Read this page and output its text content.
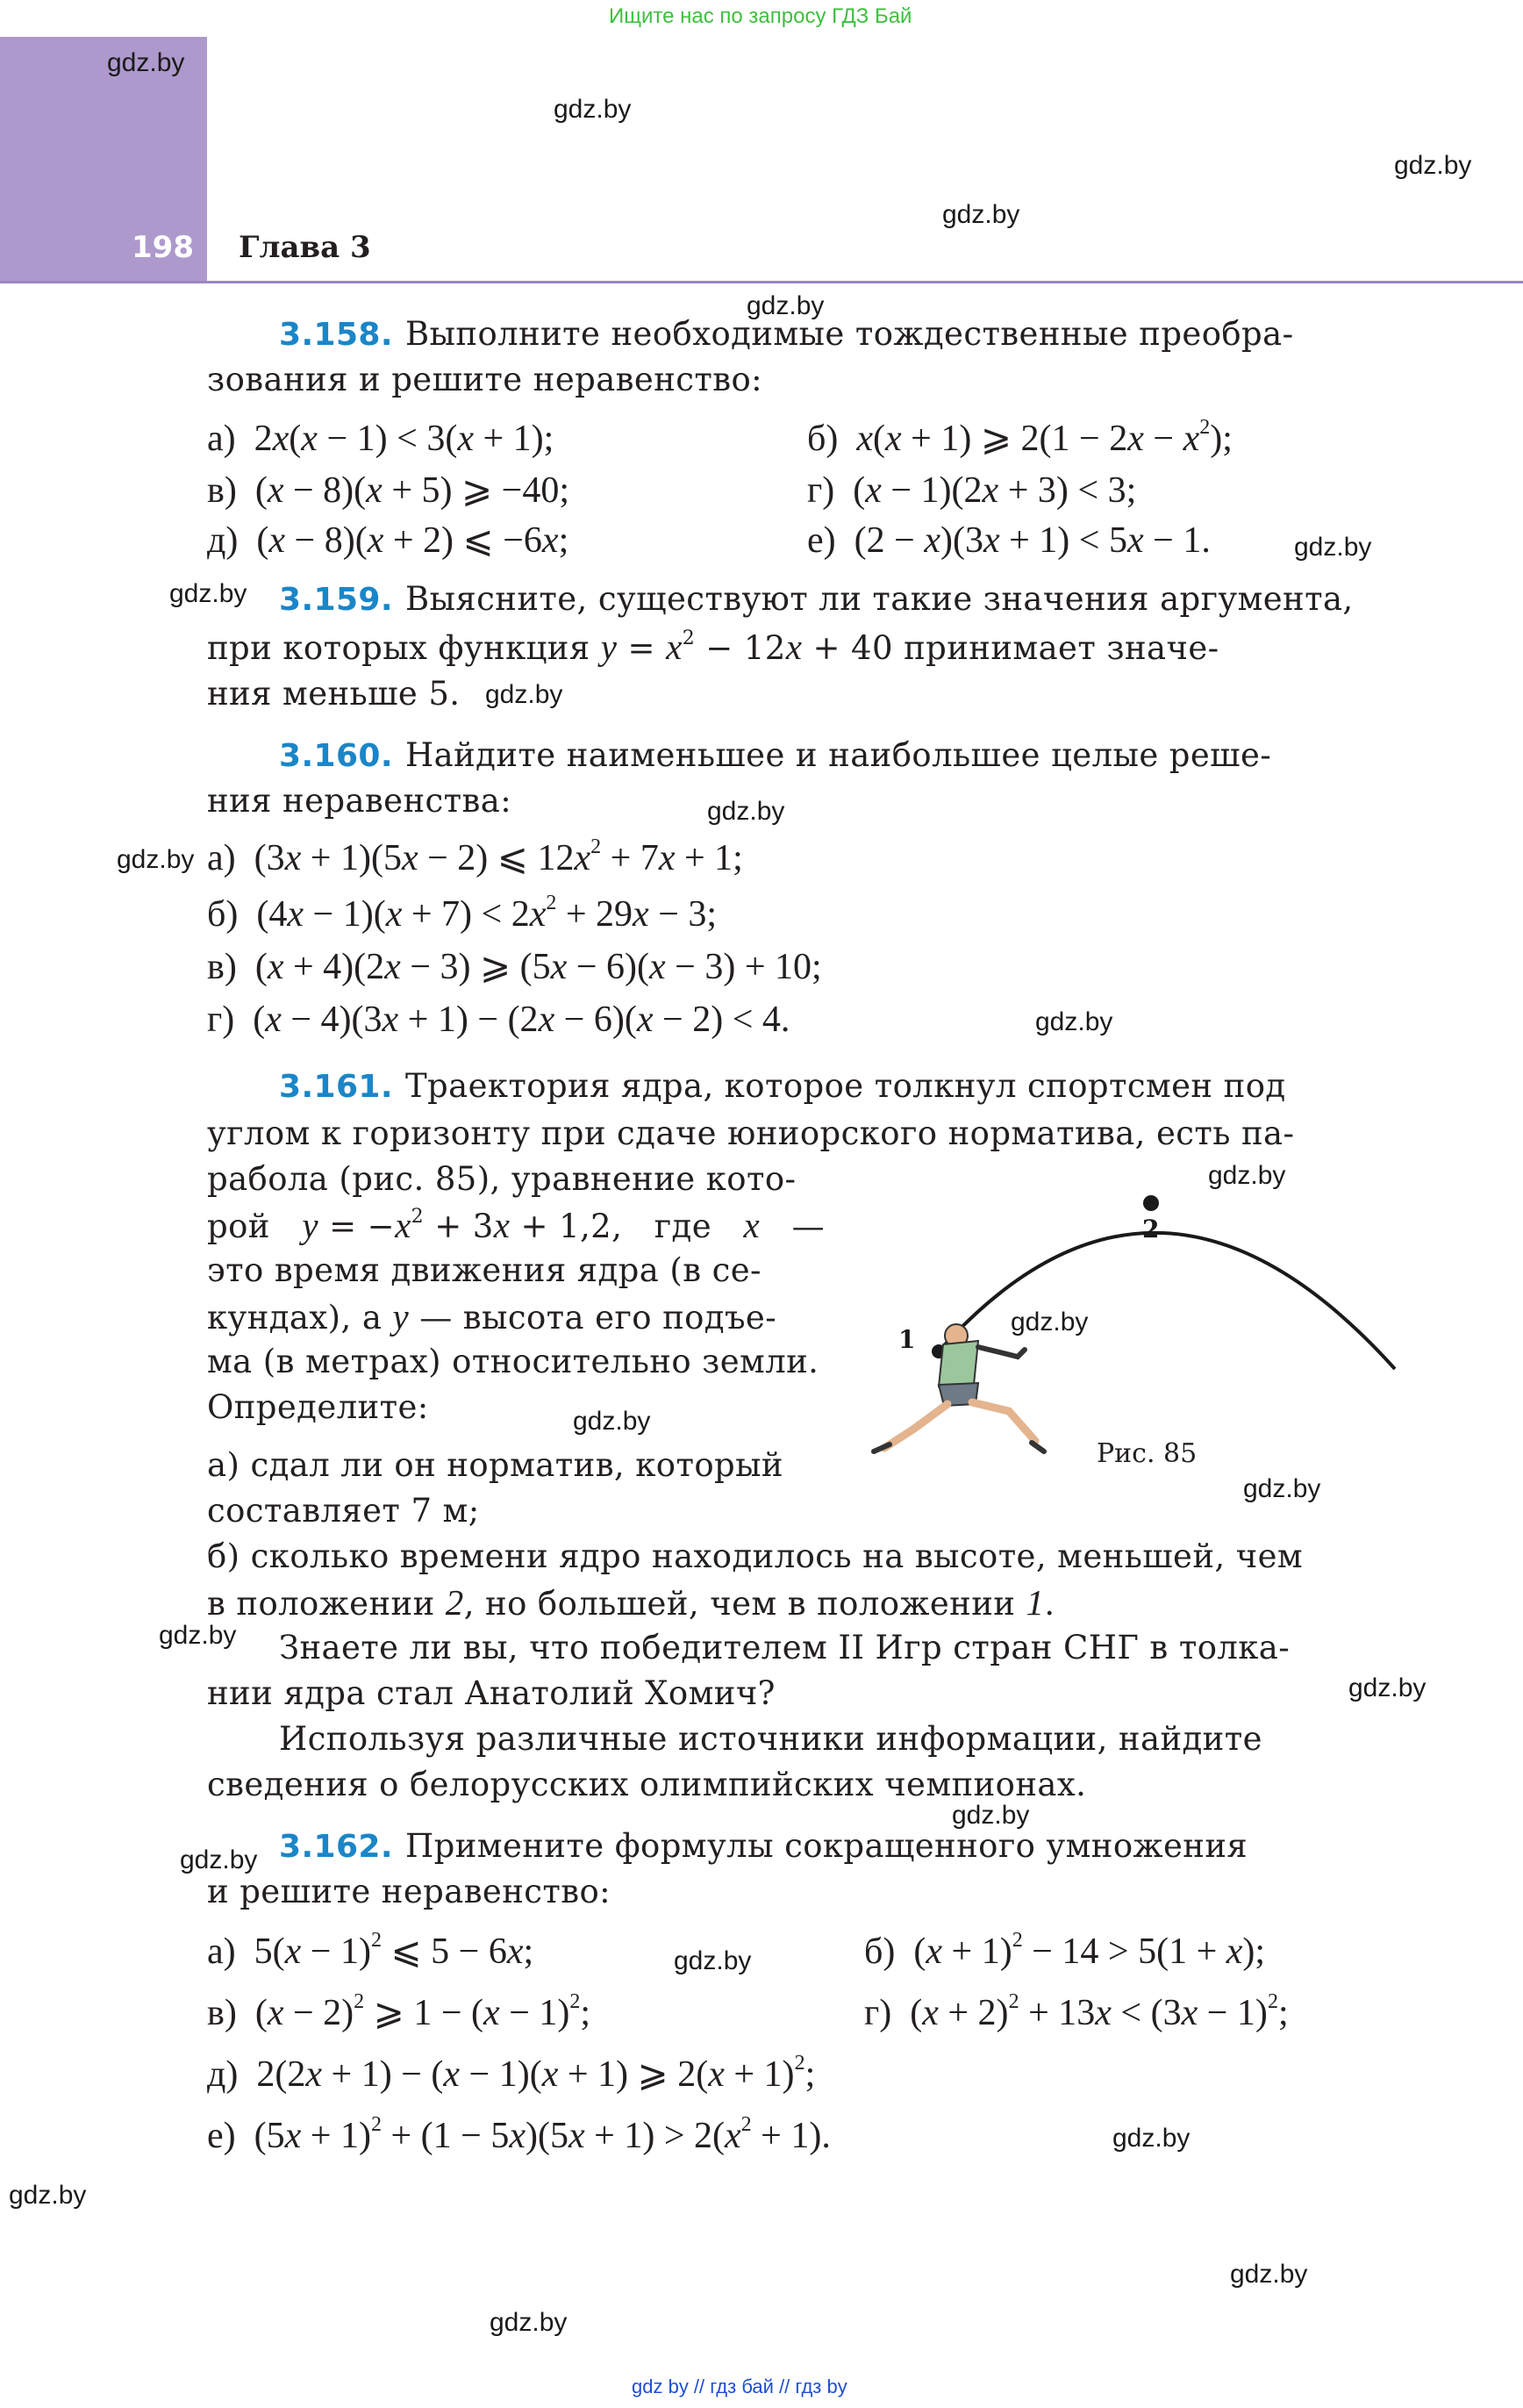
Ищите нас по запросу ГДЗ Бай
198 Глава 3
gdz.by
gdz.by
gdz.by
gdz.by
gdz.by
gdz.by
gdz.by
gdz.by
gdz.by
gdz.by
gdz.by
gdz.by
gdz.by
gdz.by
gdz.by
gdz.by
gdz.by
gdz.by
gdz.by
gdz.by
gdz.by
gdz.by
gdz.by
gdz.by
3.158. Выполните необходимые тождественные преобра-
зования и решите неравенство:
а)  2x(x − 1) < 3(x + 1);	б) x(x + 1) ⩾ $2(1 - 2x - x^2)$;
в)  (x − 8)(x + 5) ⩾ −40;	г)  (x − 1)(2x + 3) < 3;
д)  (x − 8)(x + 2) ⩽ −6x;	е)  (2 − x)(3x + 1) < 5x − 1.
3.159. Выясните, существуют ли такие значения аргумента,
при которых функция $y = x^2 - 12x + 40$ принимает значе-
ния меньше 5.
3.160. Найдите наименьшее и наибольшее целые реше-
ния неравенства:
а)  (3x + 1)(5x − 2) ⩽ $12x^2 + 7x + 1$;
б)  $(4x - 1)(x + 7) < 2x^2 + 29x - 3$;
в)  (x + 4)(2x − 3) ⩾ (5x − 6)(x − 3) + 10;
г)  (x − 4)(3x + 1) − (2x − 6)(x − 2) < 4.
3.161. Траектория ядра, которое толкнул спортсмен под
углом к горизонту при сдаче юниорского норматива, есть па-
рабола (рис. 85), уравнение кото-
рой   $y = -x^2 + 3x + 1,2$,   где   x   —
это время движения ядра (в се-
кундах), а y — высота его подъе-
ма (в метрах) относительно земли.
Определите:
а) сдал ли он норматив, который
составляет 7 м;
б) сколько времени ядро находилось на высоте, меньшей, чем
в положении 2, но большей, чем в положении 1.
Знаете ли вы, что победителем II Игр стран СНГ в толка-
нии ядра стал Анатолий Хомич?
Используя различные источники информации, найдите
сведения о белорусских олимпийских чемпионах.
2
1
Рис. 85
3.162. Примените формулы сокращенного умножения
и решите неравенство:
а)  $5(x - 1)^2$ ⩽ 5 − 6x;	б)  $(x + 1)^2 - 14 > 5(1 + x)$;
в)  $(x - 2)^2$ ⩾ $1 - (x - 1)^2$;	г)  $(x + 2)^2 + 13x < (3x - 1)^2$;
д)  2(2x + 1) − (x − 1)(x + 1) ⩾ $2(x + 1)^2$;
е)  $(5x + 1)^2 + (1 - 5x)(5x + 1) > 2(x^2 + 1)$.
gdz by // гдз бай // гдз by
